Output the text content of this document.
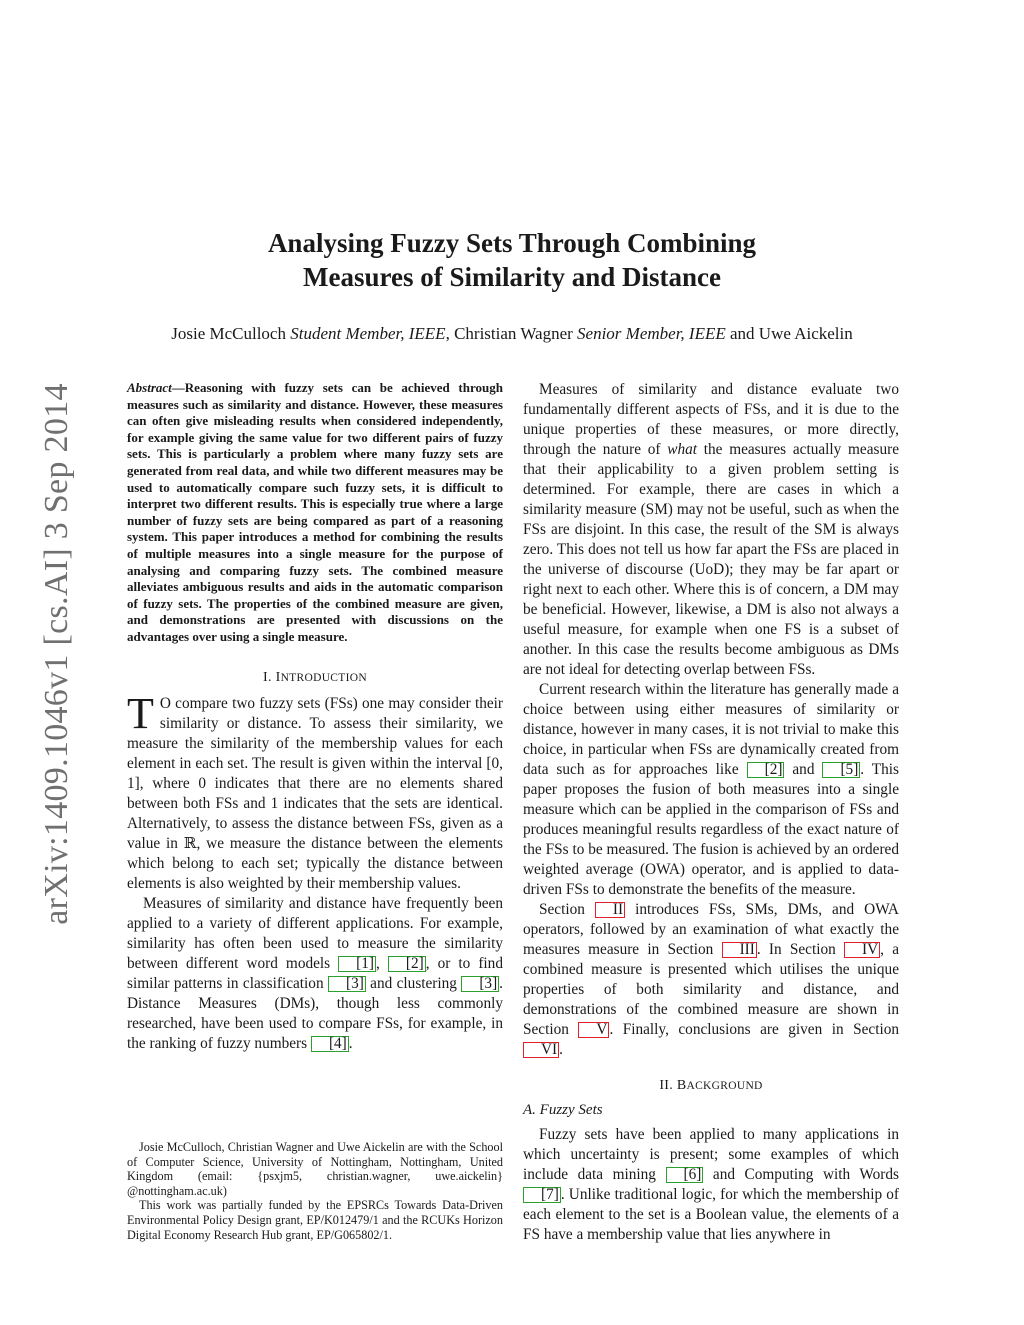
Analysing Fuzzy Sets Through Combining
Measures of Similarity and Distance
Josie McCulloch Student Member, IEEE, Christian Wagner Senior Member, IEEE and Uwe Aickelin
arXiv:1409.1046v1 [cs.AI] 3 Sep 2014	Abstract—Reasoning with fuzzy sets can be achieved through measures such as similarity and distance. However, these measures can often give misleading results when considered independently, for example giving the same value for two different pairs of fuzzy sets. This is particularly a problem where many fuzzy sets are generated from real data, and while two different measures may be used to automatically compare such fuzzy sets, it is difficult to interpret two different results. This is especially true where a large number of fuzzy sets are being compared as part of a reasoning system. This paper introduces a method for combining the results of multiple measures into a single measure for the purpose of analysing and comparing fuzzy sets. The combined measure alleviates ambiguous results and aids in the automatic comparison of fuzzy sets. The properties of the combined measure are given, and demonstrations are presented with discussions on the advantages over using a single measure.

I. INTRODUCTION

T O compare two fuzzy sets (FSs) one may consider their similarity or distance. To assess their similarity, we measure the similarity of the membership values for each element in each set. The result is given within the interval [0, 1], where 0 indicates that there are no elements shared between both FSs and 1 indicates that the sets are identical. Alternatively, to assess the distance between FSs, given as a value in ℝ, we measure the distance between the elements which belong to each set; typically the distance between elements is also weighted by their membership values.

Measures of similarity and distance have frequently been applied to a variety of different applications. For example, similarity has often been used to measure the similarity between different word models [1] , [2] , or to find similar patterns in classification [3] and clustering [3] . Distance Measures (DMs), though less commonly researched, have been used to compare FSs, for example, in the ranking of fuzzy numbers [4] .

Josie McCulloch, Christian Wagner and Uwe Aickelin are with the School of Computer Science, University of Nottingham, Nottingham, United Kingdom (email: {psxjm5, christian.wagner, uwe.aickelin} @nottingham.ac.uk)

This work was partially funded by the EPSRCs Towards Data-Driven Environmental Policy Design grant, EP/K012479/1 and the RCUKs Horizon Digital Economy Research Hub grant, EP/G065802/1.

Measures of similarity and distance evaluate two fundamentally different aspects of FSs, and it is due to the unique properties of these measures, or more directly, through the nature of what the measures actually measure that their applicability to a given problem setting is determined. For example, there are cases in which a similarity measure (SM) may not be useful, such as when the FSs are disjoint. In this case, the result of the SM is always zero. This does not tell us how far apart the FSs are placed in the universe of discourse (UoD); they may be far apart or right next to each other. Where this is of concern, a DM may be beneficial. However, likewise, a DM is also not always a useful measure, for example when one FS is a subset of another. In this case the results become ambiguous as DMs are not ideal for detecting overlap between FSs.

Current research within the literature has generally made a choice between using either measures of similarity or distance, however in many cases, it is not trivial to make this choice, in particular when FSs are dynamically created from data such as for approaches like [2] and [5] . This paper proposes the fusion of both measures into a single measure which can be applied in the comparison of FSs and produces meaningful results regardless of the exact nature of the FSs to be measured. The fusion is achieved by an ordered weighted average (OWA) operator, and is applied to data-driven FSs to demonstrate the benefits of the measure.

Section II introduces FSs, SMs, DMs, and OWA operators, followed by an examination of what exactly the measures measure in Section III . In Section IV , a combined measure is presented which utilises the unique properties of both similarity and distance, and demonstrations of the combined measure are shown in Section V . Finally, conclusions are given in Section VI .

II. BACKGROUND
A. Fuzzy Sets

Fuzzy sets have been applied to many applications in which uncertainty is present; some examples of which include data mining [6] and Computing with Words [7] . Unlike traditional logic, for which the membership of each element to the set is a Boolean value, the elements of a FS have a membership value that lies anywhere in
